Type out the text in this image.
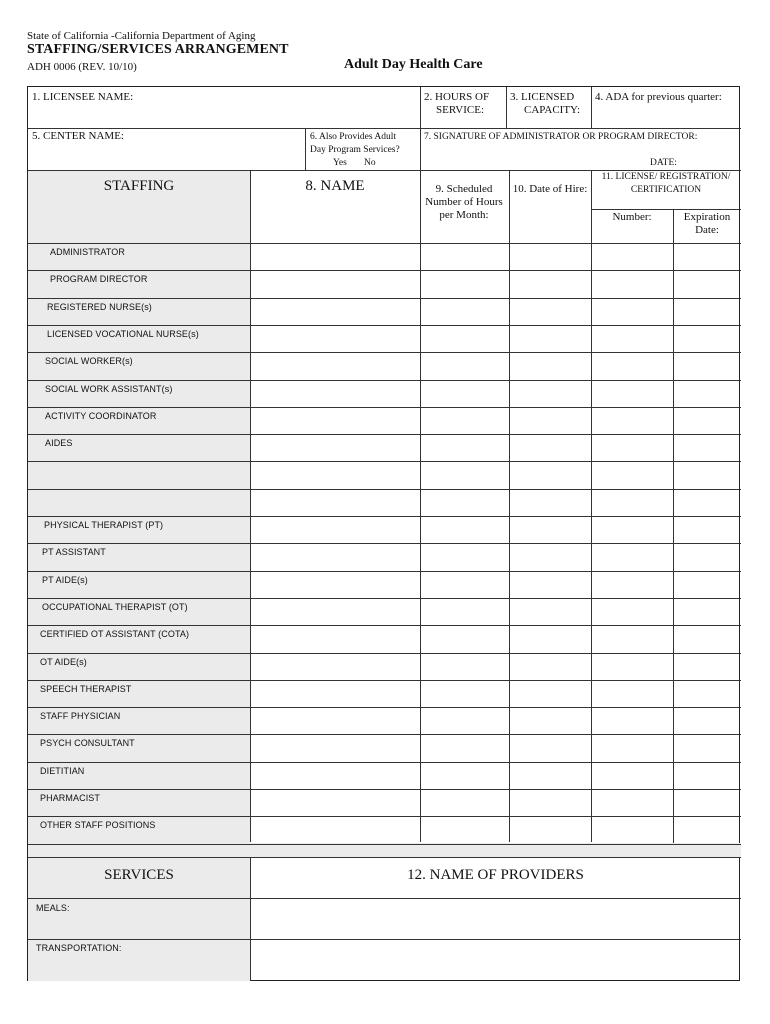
State of California -California Department of Aging
STAFFING/SERVICES ARRANGEMENT
ADH 0006 (REV. 10/10)	Adult Day Health Care
1. LICENSEE NAME:	2. HOURS OF
SERVICE:
3. LICENSED
CAPACITY:
4. ADA for previous quarter:
5. CENTER NAME:	6. Also Provides Adult
Day Program Services?
Yes No
7. SIGNATURE OF ADMINISTRATOR OR PROGRAM DIRECTOR:
DATE:
STAFFING	8. NAME	9. Scheduled
Number of Hours
per Month:
10. Date of Hire:
11. LICENSE/ REGISTRATION/
CERTIFICATION
Number:	Expiration
Date:
ADMINISTRATOR
PROGRAM DIRECTOR
REGISTERED NURSE(s)
LICENSED VOCATIONAL NURSE(s)
SOCIAL WORKER(s)
SOCIAL WORK ASSISTANT(s)
ACTIVITY COORDINATOR
AIDES
PHYSICAL THERAPIST (PT)
PT ASSISTANT
PT AIDE(s)
OCCUPATIONAL THERAPIST (OT)
CERTIFIED OT ASSISTANT (COTA)
OT AIDE(s)
SPEECH THERAPIST
STAFF PHYSICIAN
PSYCH CONSULTANT
DIETITIAN
PHARMACIST
OTHER STAFF POSITIONS
SERVICES	12. NAME OF PROVIDERS
MEALS:
TRANSPORTATION:
